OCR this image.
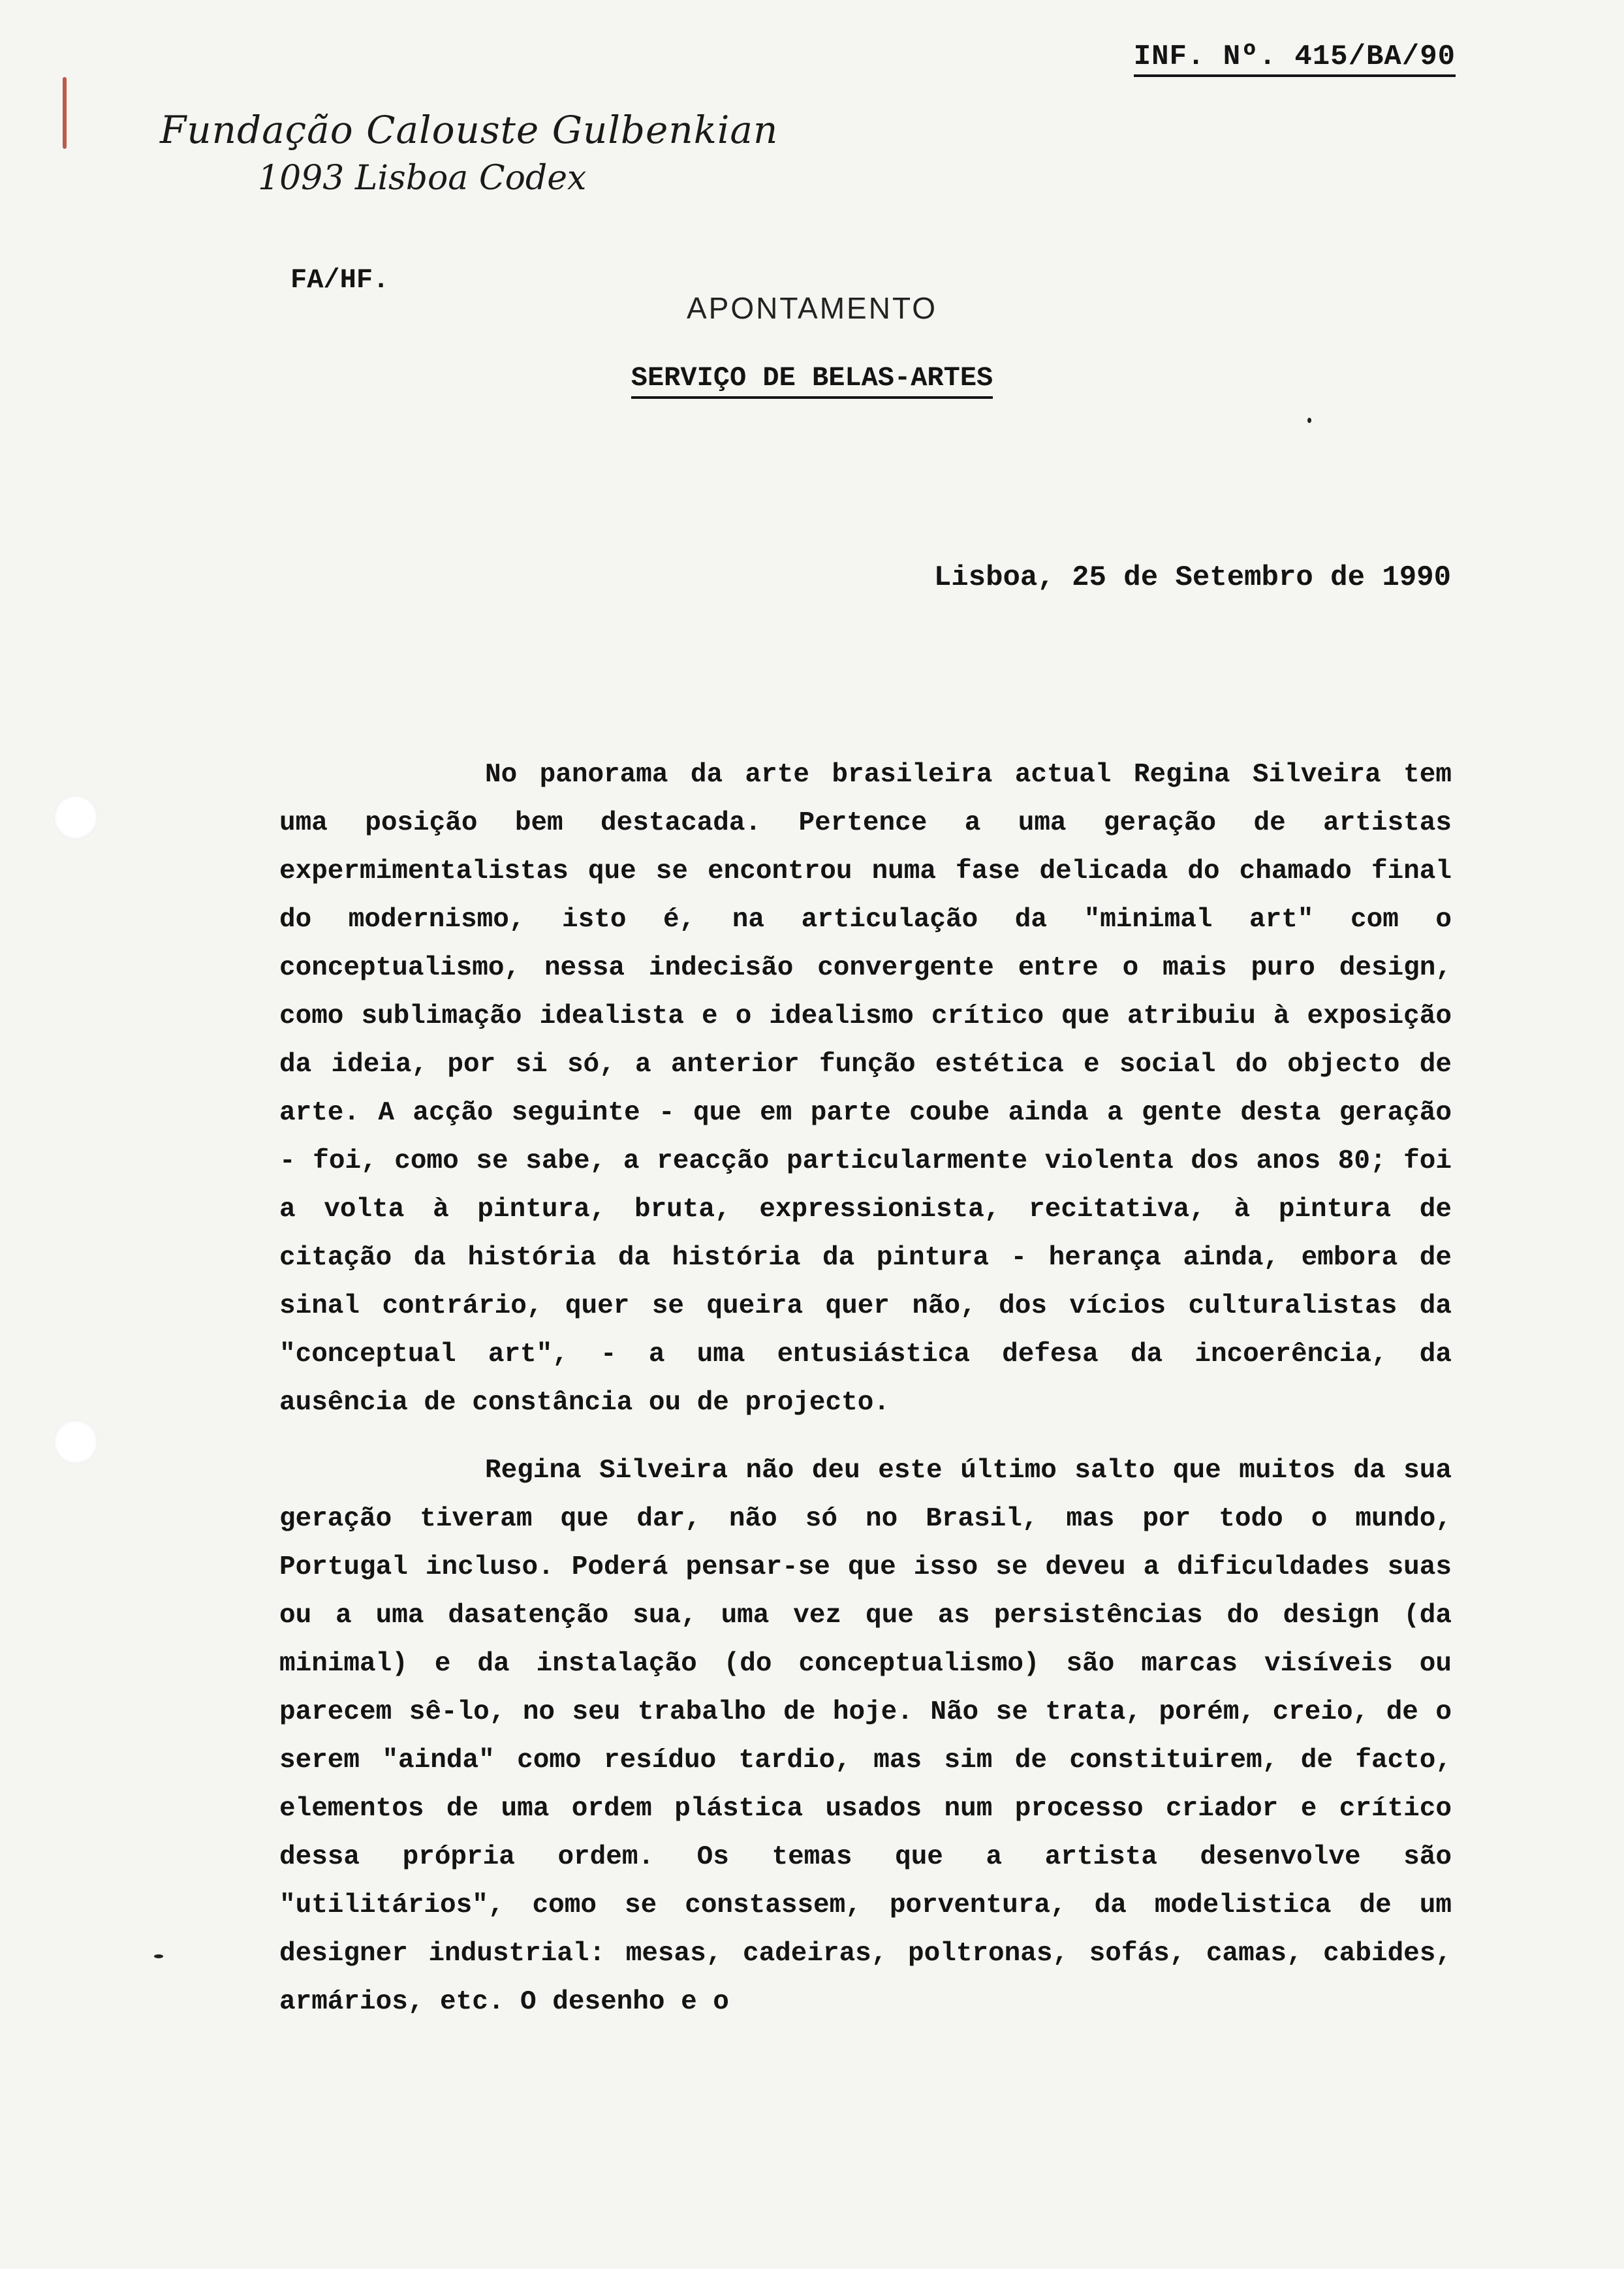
INF. Nº. 415/BA/90
Fundação Calouste Gulbenkian
1093 Lisboa Codex
FA/HF.
APONTAMENTO
SERVIÇO DE BELAS-ARTES
Lisboa, 25 de Setembro de 1990

No panorama da arte brasileira actual Regina Silveira tem uma posição bem destacada. Pertence a uma geração de artistas expermimentalistas que se encontrou numa fase delicada do chamado final do modernismo, isto é, na articulação da "minimal art" com o conceptualismo, nessa indecisão convergente entre o mais puro design, como sublimação idealista e o idealismo crítico que atribuiu à exposição da ideia, por si só, a anterior função estética e social do objecto de arte. A acção seguinte - que em parte coube ainda a gente desta geração - foi, como se sabe, a reacção particularmente violenta dos anos 80; foi a volta à pintura, bruta, expressionista, recitativa, à pintura de citação da história da história da pintura - herança ainda, embora de sinal contrário, quer se queira quer não, dos vícios culturalistas da "conceptual art", - a uma entusiástica defesa da incoerência, da ausência de constância ou de projecto.

Regina Silveira não deu este último salto que muitos da sua geração tiveram que dar, não só no Brasil, mas por todo o mundo, Portugal incluso. Poderá pensar-se que isso se deveu a dificuldades suas ou a uma dasatenção sua, uma vez que as persistências do design (da minimal) e da instalação (do conceptualismo) são marcas visíveis ou parecem sê-lo, no seu trabalho de hoje. Não se trata, porém, creio, de o serem "ainda" como resíduo tardio, mas sim de constituirem, de facto, elementos de uma ordem plástica usados num processo criador e crítico dessa própria ordem. Os temas que a artista desenvolve são "utilitários", como se constassem, porventura, da modelistica de um designer industrial: mesas, cadeiras, poltronas, sofás, camas, cabides, armários, etc. O desenho e o
